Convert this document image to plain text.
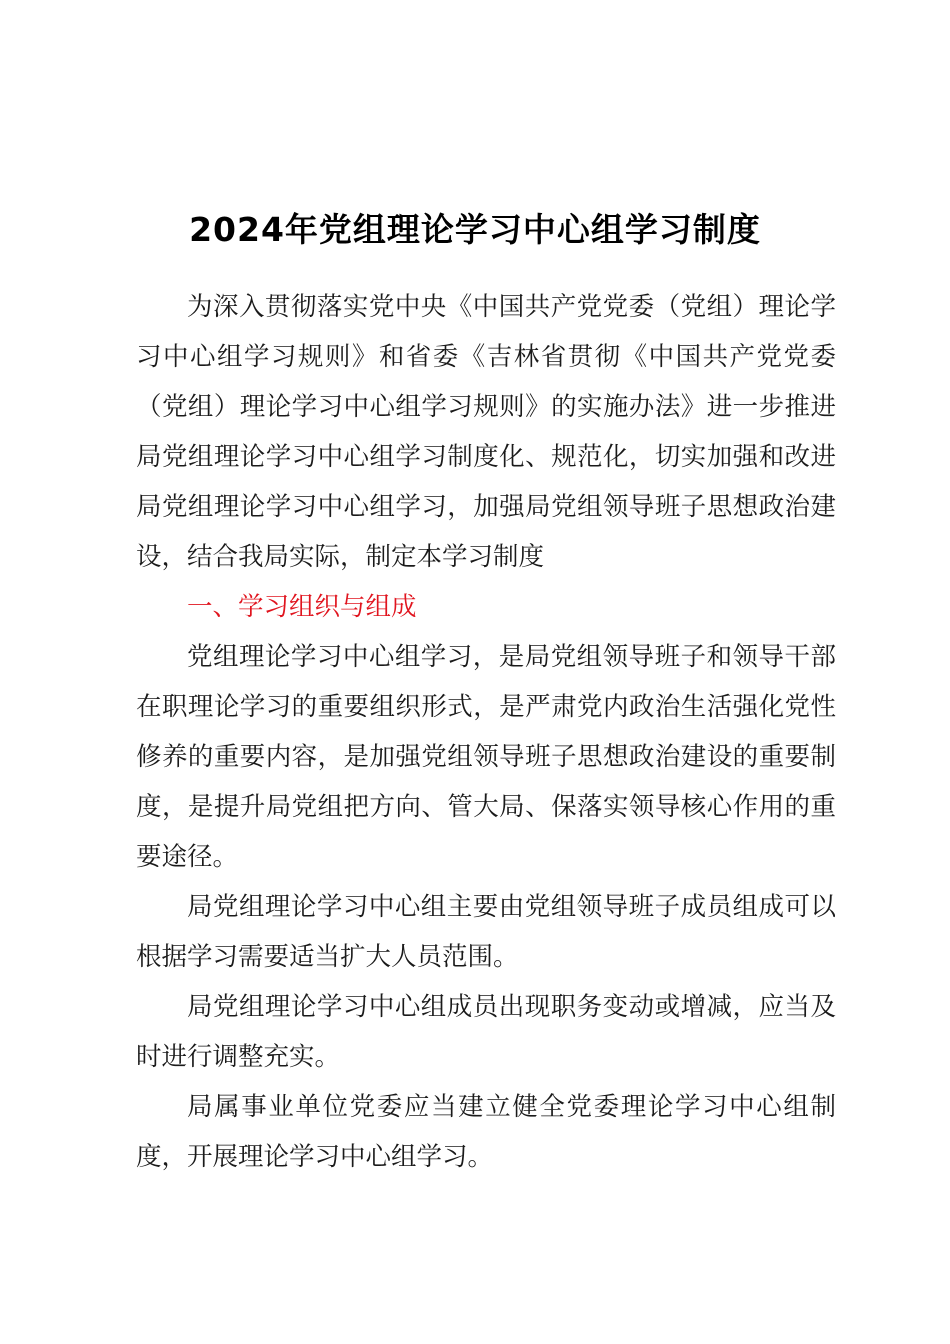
2024年党组理论学习中心组学习制度

为深入贯彻落实党中央《中国共产党党委（党组）理论学习中心组学习规则》和省委《吉林省贯彻《中国共产党党委（党组）理论学习中心组学习规则》的实施办法》进一步推进局党组理论学习中心组学习制度化、规范化，切实加强和改进局党组理论学习中心组学习，加强局党组领导班子思想政治建设，结合我局实际，制定本学习制度

一、学习组织与组成

党组理论学习中心组学习，是局党组领导班子和领导干部在职理论学习的重要组织形式，是严肃党内政治生活强化党性修养的重要内容，是加强党组领导班子思想政治建设的重要制度，是提升局党组把方向、管大局、保落实领导核心作用的重要途径。

局党组理论学习中心组主要由党组领导班子成员组成可以根据学习需要适当扩大人员范围。

局党组理论学习中心组成员出现职务变动或增减，应当及时进行调整充实。

局属事业单位党委应当建立健全党委理论学习中心组制度，开展理论学习中心组学习。
